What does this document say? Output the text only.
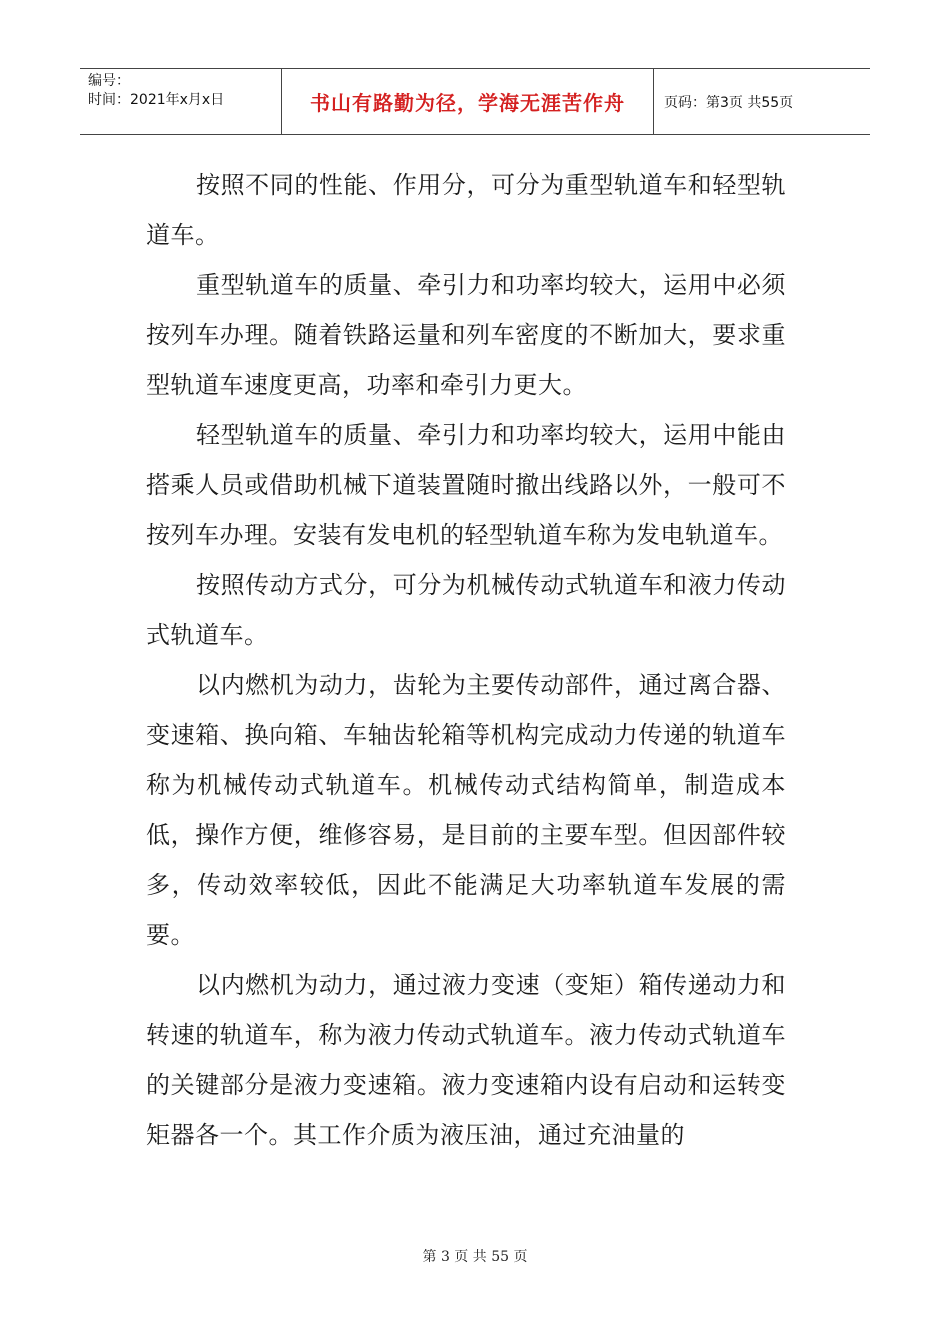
编号：
时间：2021年x月x日	书山有路勤为径，学海无涯苦作舟	页码：第3页 共55页

按照不同的性能、作用分，可分为重型轨道车和轻型轨道车。

重型轨道车的质量、牵引力和功率均较大，运用中必须按列车办理。随着铁路运量和列车密度的不断加大，要求重型轨道车速度更高，功率和牵引力更大。

轻型轨道车的质量、牵引力和功率均较大，运用中能由搭乘人员或借助机械下道装置随时撤出线路以外，一般可不按列车办理。安装有发电机的轻型轨道车称为发电轨道车。

按照传动方式分，可分为机械传动式轨道车和液力传动式轨道车。

以内燃机为动力，齿轮为主要传动部件，通过离合器、变速箱、换向箱、车轴齿轮箱等机构完成动力传递的轨道车称为机械传动式轨道车。机械传动式结构简单，制造成本低，操作方便，维修容易，是目前的主要车型。但因部件较多，传动效率较低，因此不能满足大功率轨道车发展的需要。

以内燃机为动力，通过液力变速（变矩）箱传递动力和转速的轨道车，称为液力传动式轨道车。液力传动式轨道车的关键部分是液力变速箱。液力变速箱内设有启动和运转变矩器各一个。其工作介质为液压油，通过充油量的

第 3 页 共 55 页
